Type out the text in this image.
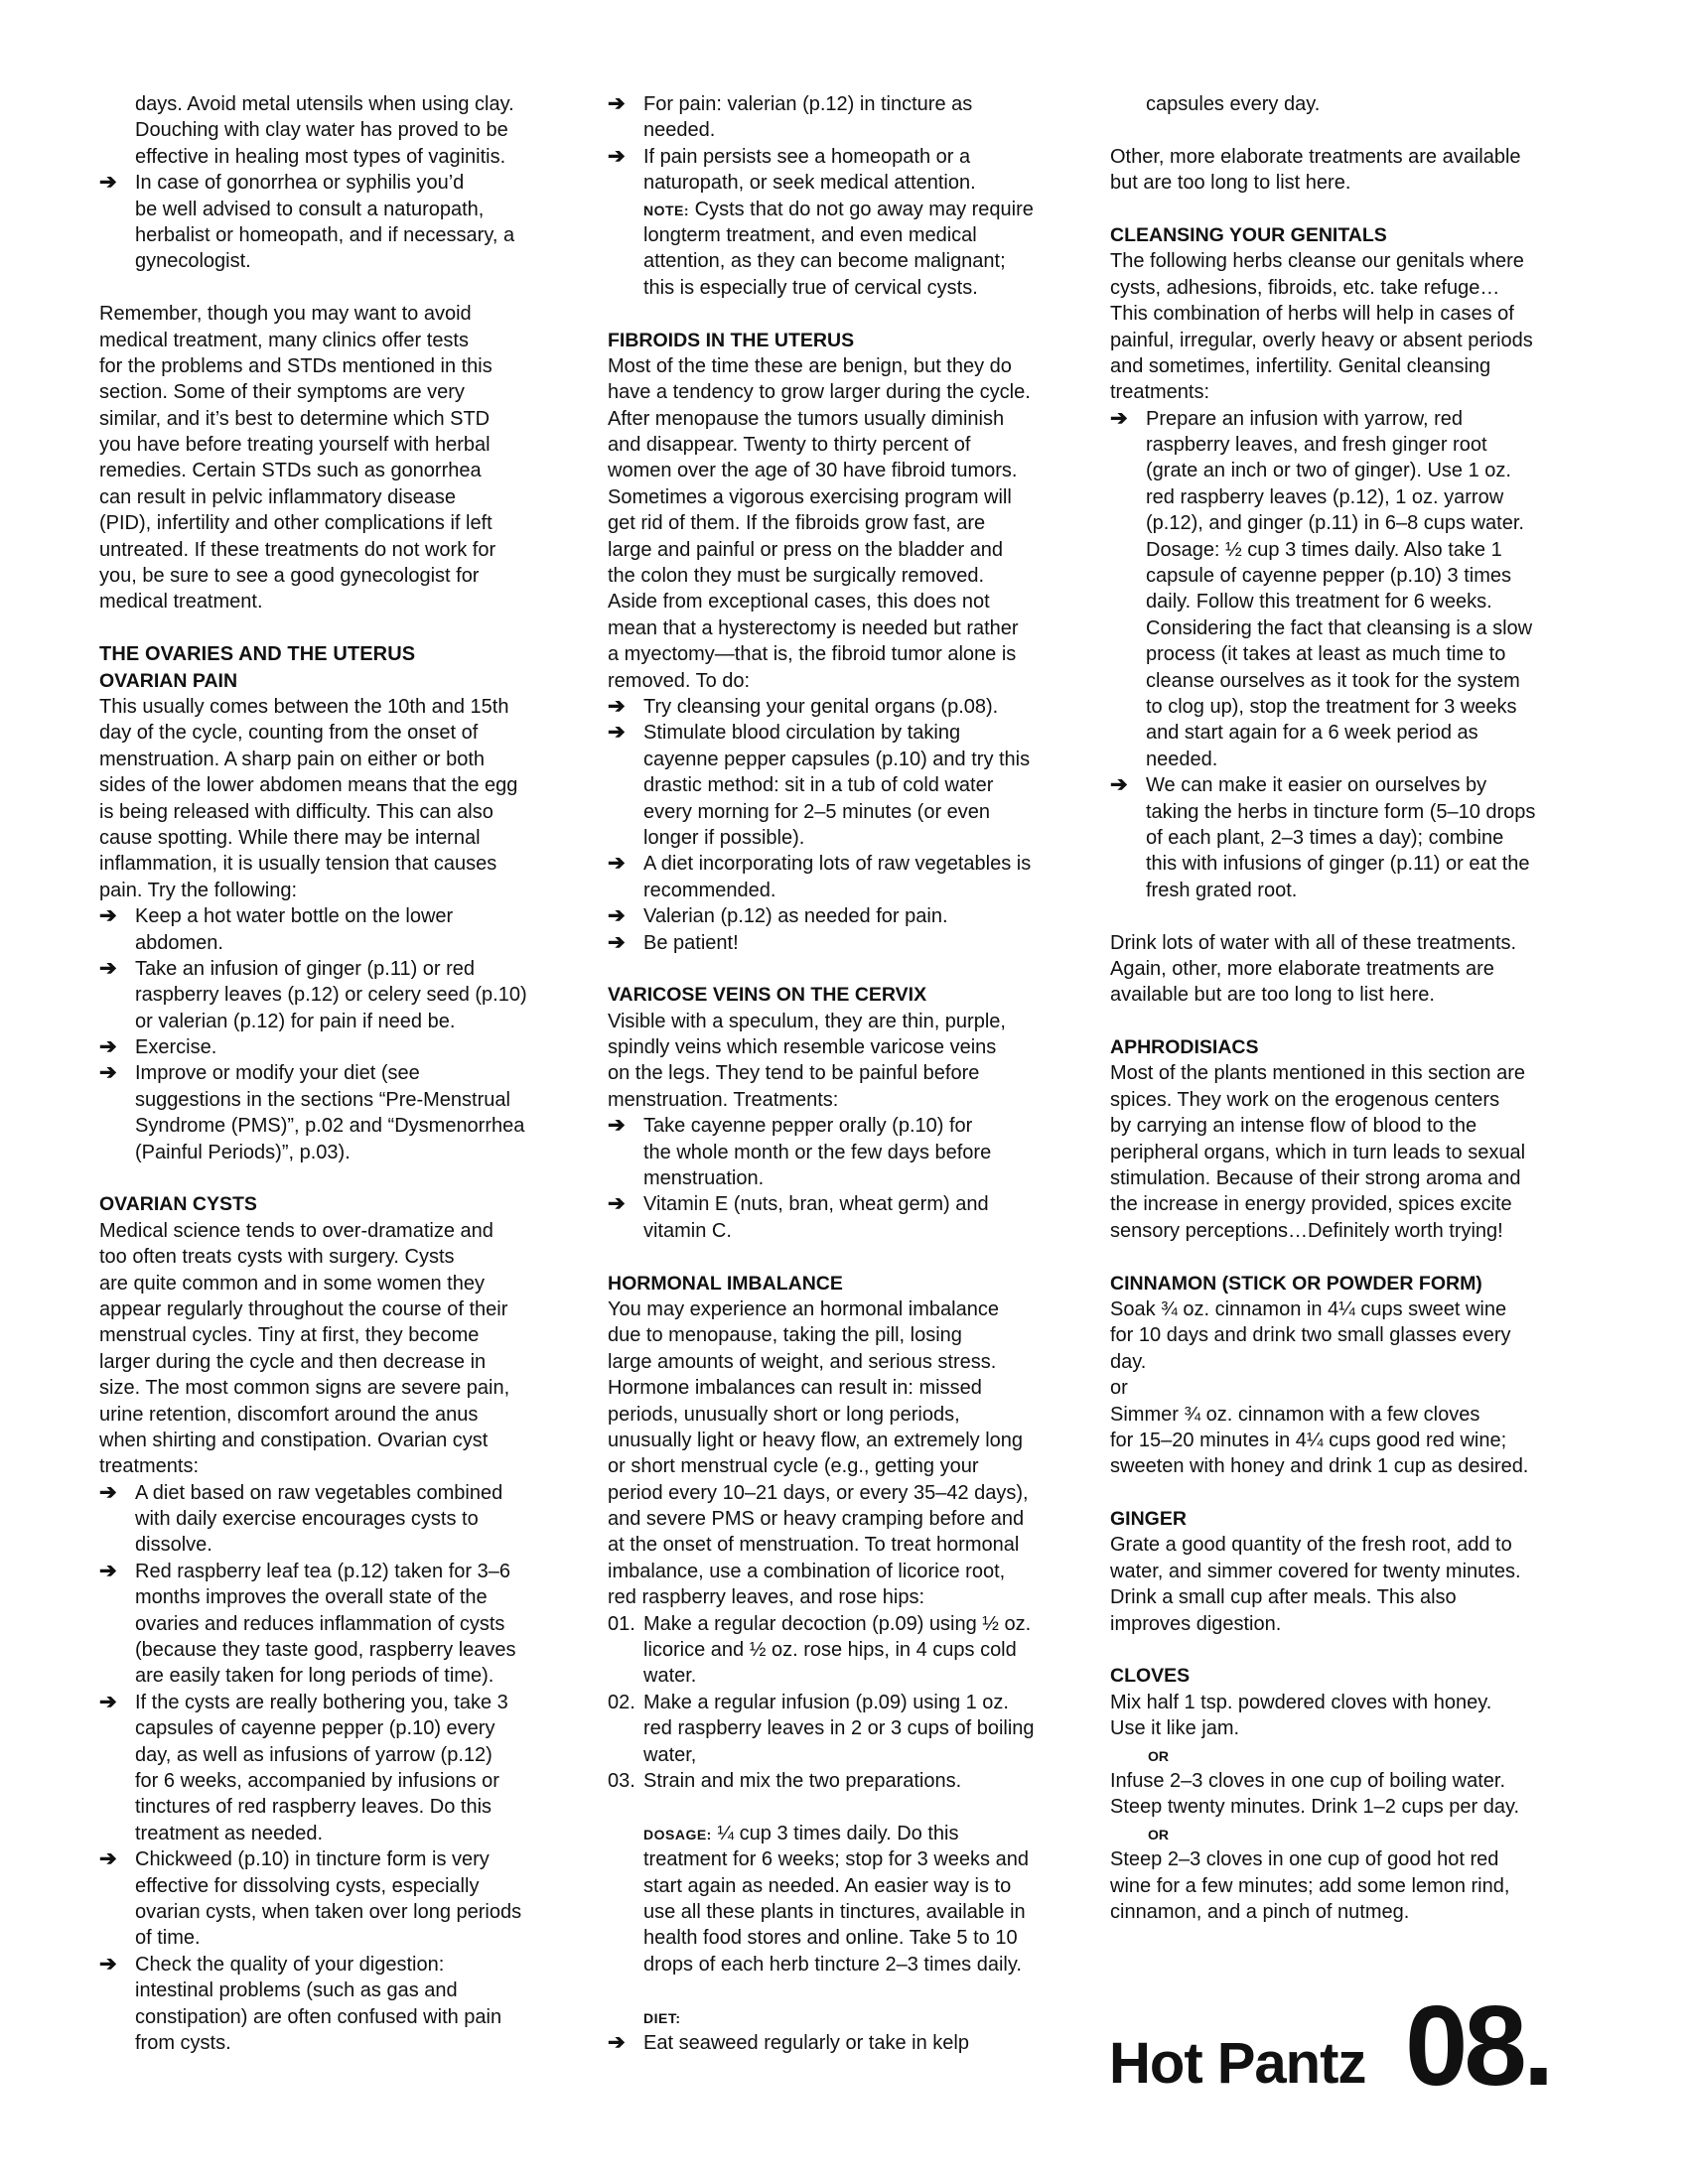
days. Avoid metal utensils when using clay.
Douching with clay water has proved to be
effective in healing most types of vaginitis.
➔ In case of gonorrhea or syphilis you’d
be well advised to consult a naturopath,
herbalist or homeopath, and if necessary, a
gynecologist.
Remember, though you may want to avoid
medical treatment, many clinics offer tests
for the problems and STDs mentioned in this
section. Some of their symptoms are very
similar, and it’s best to determine which STD
you have before treating yourself with herbal
remedies. Certain STDs such as gonorrhea
can result in pelvic inflammatory disease
(PID), infertility and other complications if left
untreated. If these treatments do not work for
you, be sure to see a good gynecologist for
medical treatment.
THE OVARIES AND THE UTERUS
OVARIAN PAIN
This usually comes between the 10th and 15th
day of the cycle, counting from the onset of
menstruation. A sharp pain on either or both
sides of the lower abdomen means that the egg
is being released with difficulty. This can also
cause spotting. While there may be internal
inflammation, it is usually tension that causes
pain. Try the following:
➔ Keep a hot water bottle on the lower
abdomen.
➔ Take an infusion of ginger (p.11) or red
raspberry leaves (p.12) or celery seed (p.10)
or valerian (p.12) for pain if need be.
➔ Exercise.
➔ Improve or modify your diet (see
suggestions in the sections “Pre-Menstrual
Syndrome (PMS)”, p.02 and “Dysmenorrhea
(Painful Periods)”, p.03).
OVARIAN CYSTS
Medical science tends to over-dramatize and
too often treats cysts with surgery. Cysts
are quite common and in some women they
appear regularly throughout the course of their
menstrual cycles. Tiny at first, they become
larger during the cycle and then decrease in
size. The most common signs are severe pain,
urine retention, discomfort around the anus
when shirting and constipation. Ovarian cyst
treatments:
➔ A diet based on raw vegetables combined
with daily exercise encourages cysts to
dissolve.
➔ Red raspberry leaf tea (p.12) taken for 3–6
months improves the overall state of the
ovaries and reduces inflammation of cysts
(because they taste good, raspberry leaves
are easily taken for long periods of time).
➔ If the cysts are really bothering you, take 3
capsules of cayenne pepper (p.10) every
day, as well as infusions of yarrow (p.12)
for 6 weeks, accompanied by infusions or
tinctures of red raspberry leaves. Do this
treatment as needed.
➔ Chickweed (p.10) in tincture form is very
effective for dissolving cysts, especially
ovarian cysts, when taken over long periods
of time.
➔ Check the quality of your digestion:
intestinal problems (such as gas and
constipation) are often confused with pain
from cysts.
➔ For pain: valerian (p.12) in tincture as
needed.
➔ If pain persists see a homeopath or a
naturopath, or seek medical attention.
NOTE: Cysts that do not go away may require
longterm treatment, and even medical
attention, as they can become malignant;
this is especially true of cervical cysts.
FIBROIDS IN THE UTERUS
Most of the time these are benign, but they do
have a tendency to grow larger during the cycle.
After menopause the tumors usually diminish
and disappear. Twenty to thirty percent of
women over the age of 30 have fibroid tumors.
Sometimes a vigorous exercising program will
get rid of them. If the fibroids grow fast, are
large and painful or press on the bladder and
the colon they must be surgically removed.
Aside from exceptional cases, this does not
mean that a hysterectomy is needed but rather
a myectomy—that is, the fibroid tumor alone is
removed. To do:
➔ Try cleansing your genital organs (p.08).
➔ Stimulate blood circulation by taking
cayenne pepper capsules (p.10) and try this
drastic method: sit in a tub of cold water
every morning for 2–5 minutes (or even
longer if possible).
➔ A diet incorporating lots of raw vegetables is
recommended.
➔ Valerian (p.12) as needed for pain.
➔ Be patient!
VARICOSE VEINS ON THE CERVIX
Visible with a speculum, they are thin, purple,
spindly veins which resemble varicose veins
on the legs. They tend to be painful before
menstruation. Treatments:
➔ Take cayenne pepper orally (p.10) for
the whole month or the few days before
menstruation.
➔ Vitamin E (nuts, bran, wheat germ) and
vitamin C.
HORMONAL IMBALANCE
You may experience an hormonal imbalance
due to menopause, taking the pill, losing
large amounts of weight, and serious stress.
Hormone imbalances can result in: missed
periods, unusually short or long periods,
unusually light or heavy flow, an extremely long
or short menstrual cycle (e.g., getting your
period every 10–21 days, or every 35–42 days),
and severe PMS or heavy cramping before and
at the onset of menstruation. To treat hormonal
imbalance, use a combination of licorice root,
red raspberry leaves, and rose hips:
01. Make a regular decoction (p.09) using ½ oz.
licorice and ½ oz. rose hips, in 4 cups cold
water.
02. Make a regular infusion (p.09) using 1 oz.
red raspberry leaves in 2 or 3 cups of boiling
water,
03. Strain and mix the two preparations.
DOSAGE: ¼ cup 3 times daily. Do this
treatment for 6 weeks; stop for 3 weeks and
start again as needed. An easier way is to
use all these plants in tinctures, available in
health food stores and online. Take 5 to 10
drops of each herb tincture 2–3 times daily.
DIET:
➔ Eat seaweed regularly or take in kelp
capsules every day.
Other, more elaborate treatments are available
but are too long to list here.
CLEANSING YOUR GENITALS
The following herbs cleanse our genitals where
cysts, adhesions, fibroids, etc. take refuge…
This combination of herbs will help in cases of
painful, irregular, overly heavy or absent periods
and sometimes, infertility. Genital cleansing
treatments:
➔ Prepare an infusion with yarrow, red
raspberry leaves, and fresh ginger root
(grate an inch or two of ginger). Use 1 oz.
red raspberry leaves (p.12), 1 oz. yarrow
(p.12), and ginger (p.11) in 6–8 cups water.
Dosage: ½ cup 3 times daily. Also take 1
capsule of cayenne pepper (p.10) 3 times
daily. Follow this treatment for 6 weeks.
Considering the fact that cleansing is a slow
process (it takes at least as much time to
cleanse ourselves as it took for the system
to clog up), stop the treatment for 3 weeks
and start again for a 6 week period as
needed.
➔ We can make it easier on ourselves by
taking the herbs in tincture form (5–10 drops
of each plant, 2–3 times a day); combine
this with infusions of ginger (p.11) or eat the
fresh grated root.
Drink lots of water with all of these treatments.
Again, other, more elaborate treatments are
available but are too long to list here.
APHRODISIACS
Most of the plants mentioned in this section are
spices. They work on the erogenous centers
by carrying an intense flow of blood to the
peripheral organs, which in turn leads to sexual
stimulation. Because of their strong aroma and
the increase in energy provided, spices excite
sensory perceptions…Definitely worth trying!
CINNAMON (STICK OR POWDER FORM)
Soak ¾ oz. cinnamon in 4¼ cups sweet wine
for 10 days and drink two small glasses every
day.
or
Simmer ¾ oz. cinnamon with a few cloves
for 15–20 minutes in 4¼ cups good red wine;
sweeten with honey and drink 1 cup as desired.
GINGER
Grate a good quantity of the fresh root, add to
water, and simmer covered for twenty minutes.
Drink a small cup after meals. This also
improves digestion.
CLOVES
Mix half 1 tsp. powdered cloves with honey.
Use it like jam.
OR
Infuse 2–3 cloves in one cup of boiling water.
Steep twenty minutes. Drink 1–2 cups per day.
OR
Steep 2–3 cloves in one cup of good hot red
wine for a few minutes; add some lemon rind,
cinnamon, and a pinch of nutmeg.
Hot Pantz 08.
